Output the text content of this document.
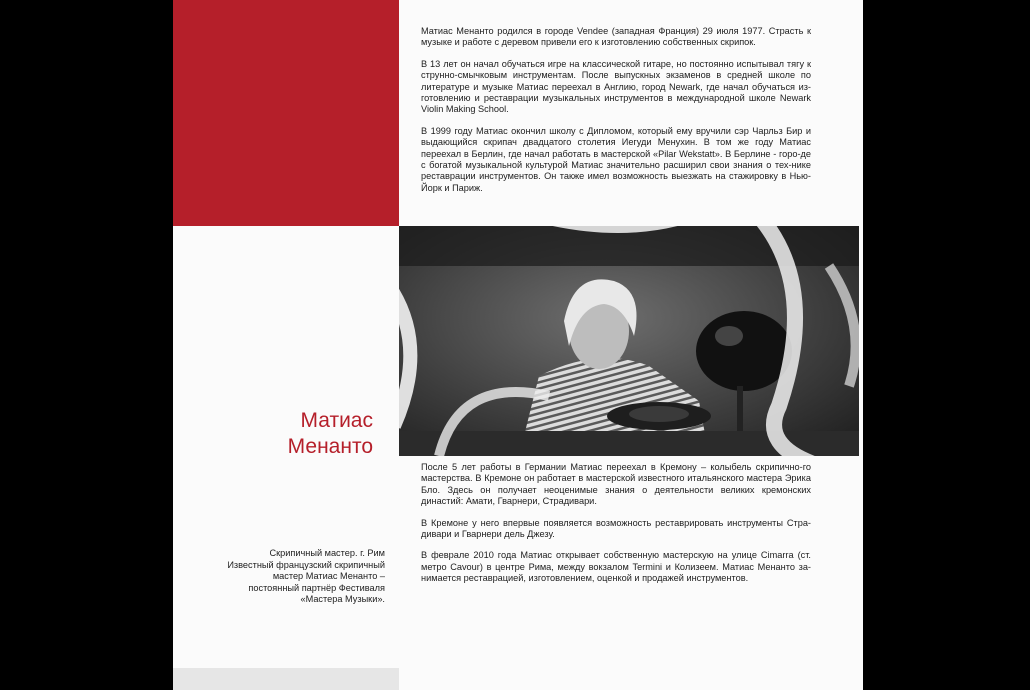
Матиас Менанто родился в городе Vendee (западная Франция) 29 июля 1977. Страсть к музыке и работе с деревом привели его к изготовлению собственных скрипок.

В 13 лет он начал обучаться игре на классической гитаре, но постоянно испытывал тягу к струнно-смычковым инструментам. После выпускных экзаменов в средней школе по литературе и музыке Матиас переехал в Англию, город Newark, где начал обучаться из-готовлению и реставрации музыкальных инструментов в международной школе Newark Violin Making School.

В 1999 году Матиас окончил школу с Дипломом, который ему вручили сэр Чарльз Бир и выдающийся скрипач двадцатого столетия Иегуди Менухин. В том же году Матиас переехал в Берлин, где начал работать в мастерской «Pilar Wekstatt». В Берлине - горо-де с богатой музыкальной культурой Матиас значительно расширил свои знания о тех-нике реставрации инструментов. Он также имел возможность выезжать на стажировку в Нью-Йорк и Париж.

Матиас
Менанто

После 5 лет работы в Германии Матиас переехал в Кремону – колыбель скрипично-го мастерства. В Кремоне он работает в мастерской известного итальянского мастера Эрика Бло. Здесь он получает неоценимые знания о деятельности великих кремонских династий: Амати, Гварнери, Страдивари.

В Кремоне у него впервые появляется возможность реставрировать инструменты Стра-дивари и Гварнери дель Джезу.

В феврале 2010 года Матиас открывает собственную мастерскую на улице Cimarra (ст. метро Cavour) в центре Рима, между вокзалом Termini и Колизеем. Матиас Менанто за-нимается реставрацией, изготовлением, оценкой и продажей инструментов.

Скрипичный мастер. г. Рим
Известный французский скрипичный
мастер Матиас Менанто –
постоянный партнёр Фестиваля
«Мастера Музыки».
